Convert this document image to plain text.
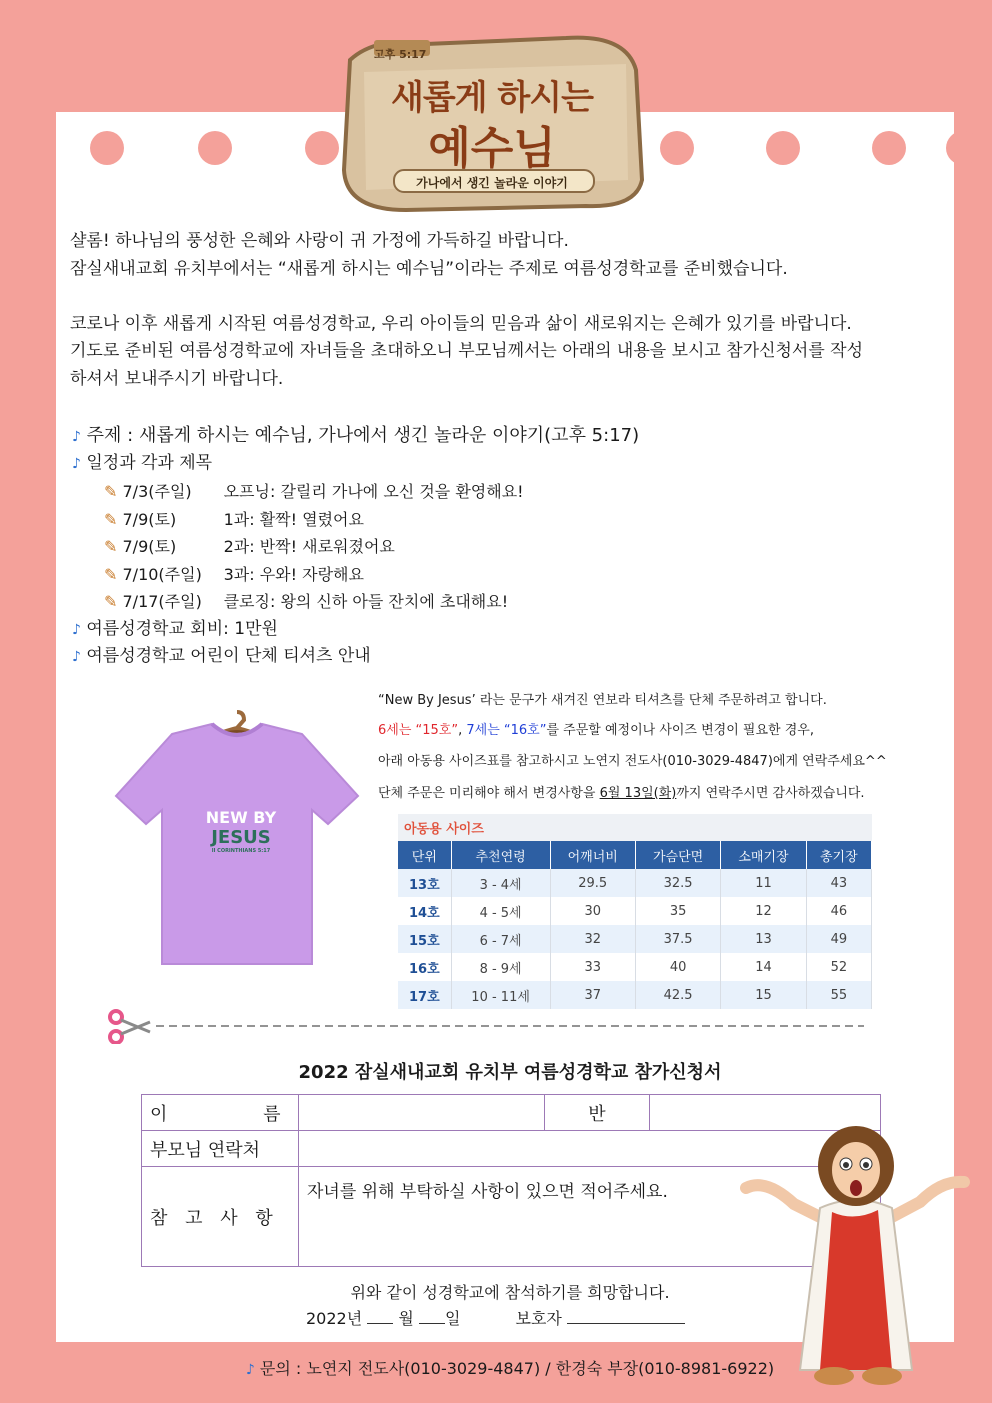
고후 5:17
새롭게 하시는
예수님
가나에서 생긴 놀라운 이야기
샬롬! 하나님의 풍성한 은혜와 사랑이 귀 가정에 가득하길 바랍니다.
잠실새내교회 유치부에서는 “새롭게 하시는 예수님”이라는 주제로 여름성경학교를 준비했습니다.
코로나 이후 새롭게 시작된 여름성경학교, 우리 아이들의 믿음과 삶이 새로워지는 은혜가 있기를 바랍니다.
기도로 준비된 여름성경학교에 자녀들을 초대하오니 부모님께서는 아래의 내용을 보시고 참가신청서를 작성
하셔서 보내주시기 바랍니다.
♪ 주제 : 새롭게 하시는 예수님, 가나에서 생긴 놀라운 이야기(고후 5:17)
♪ 일정과 각과 제목
✎ 7/3(주일) 오프닝: 갈릴리 가나에 오신 것을 환영해요!
✎ 7/9(토)	1과: 활짝! 열렸어요
✎ 7/9(토)	2과: 반짝! 새로워졌어요
✎ 7/10(주일) 3과: 우와! 자랑해요
✎ 7/17(주일) 클로징: 왕의 신하 아들 잔치에 초대해요!
♪ 여름성경학교 회비: 1만원
♪ 여름성경학교 어린이 단체 티셔츠 안내
NEW BY
JESUS
II CORINTHIANS 5:17
“New By Jesus’ 라는 문구가 새겨진 연보라 티셔츠를 단체 주문하려고 합니다.
6세는 “15호”, 7세는 “16호”를 주문할 예정이나 사이즈 변경이 필요한 경우,
아래 아동용 사이즈표를 참고하시고 노연지 전도사(010-3029-4847)에게 연락주세요^^
단체 주문은 미리해야 해서 변경사항을 6월 13일(화)까지 연락주시면 감사하겠습니다.
아동용 사이즈
단위	추천연령	어깨너비	가슴단면	소매기장	총기장
13호	3 - 4세	29.5	32.5	11	43
14호	4 - 5세	30	35	12	46
15호	6 - 7세	32	37.5	13	49
16호	8 - 9세	33	40	14	52
17호	10 - 11세	37	42.5	15	55
2022 잠실새내교회 유치부 여름성경학교 참가신청서
이 름		반	
부모님 연락처			
참 고 사 항	자녀를 위해 부탁하실 사항이 있으면 적어주세요.		
위와 같이 성경학교에 참석하기를 희망합니다.
2022년 월 일	보호자
♪ 문의 : 노연지 전도사(010-3029-4847) / 한경숙 부장(010-8981-6922)
